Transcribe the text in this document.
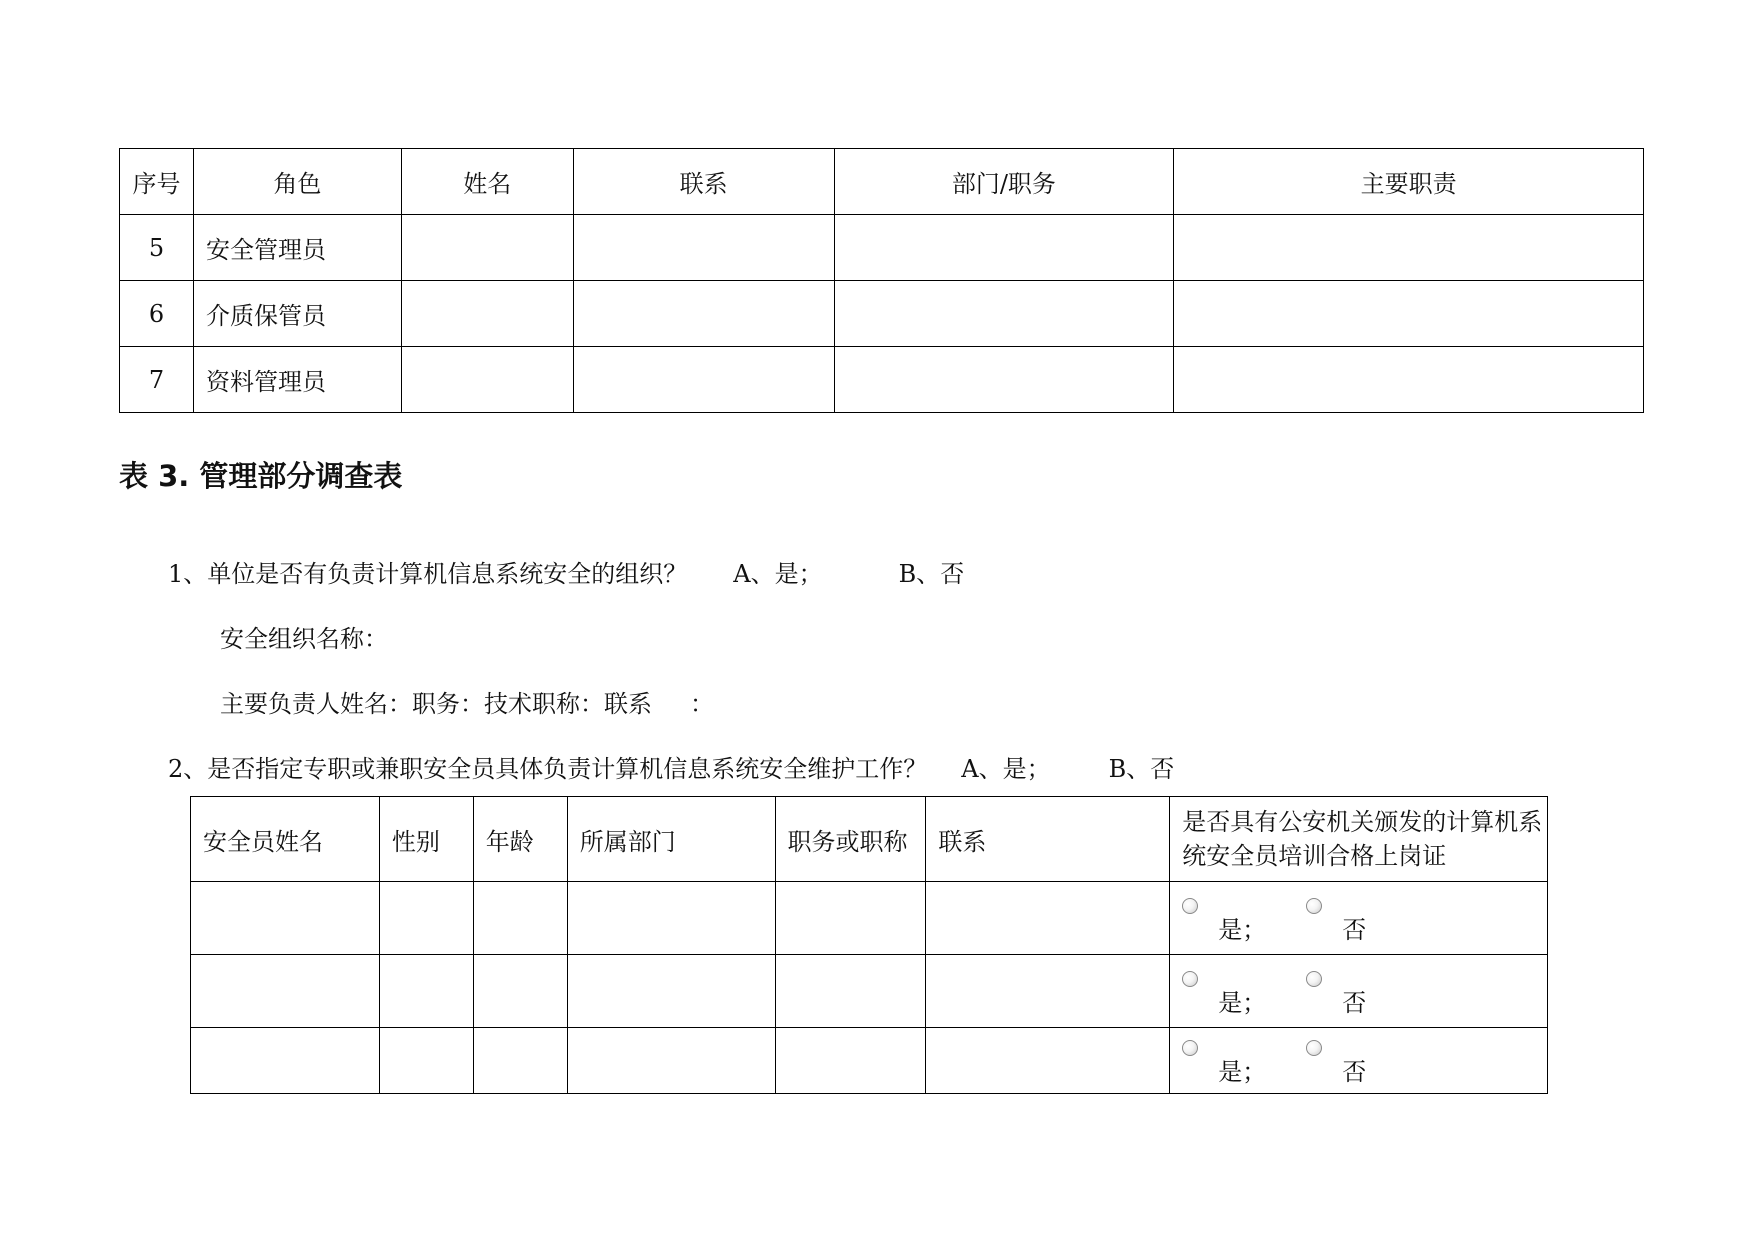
序号	角色	姓名	联系	部门/职务	主要职责
5	安全管理员				
6	介质保管员				
7	资料管理员				
表 3. 管理部分调查表
1、单位是否有负责计算机信息系统安全的组织？ A、是；	B、否
安全组织名称：
主要负责人姓名：职务：技术职称：联系 ：
2、是否指定专职或兼职安全员具体负责计算机信息系统安全维护工作？ A、是； B、否
安全员姓名	性别	年龄	所属部门	职务或职称	联系	是否具有公安机关颁发的计算机系统安全员培训合格上岗证

						是； 否

						是； 否

						是； 否
